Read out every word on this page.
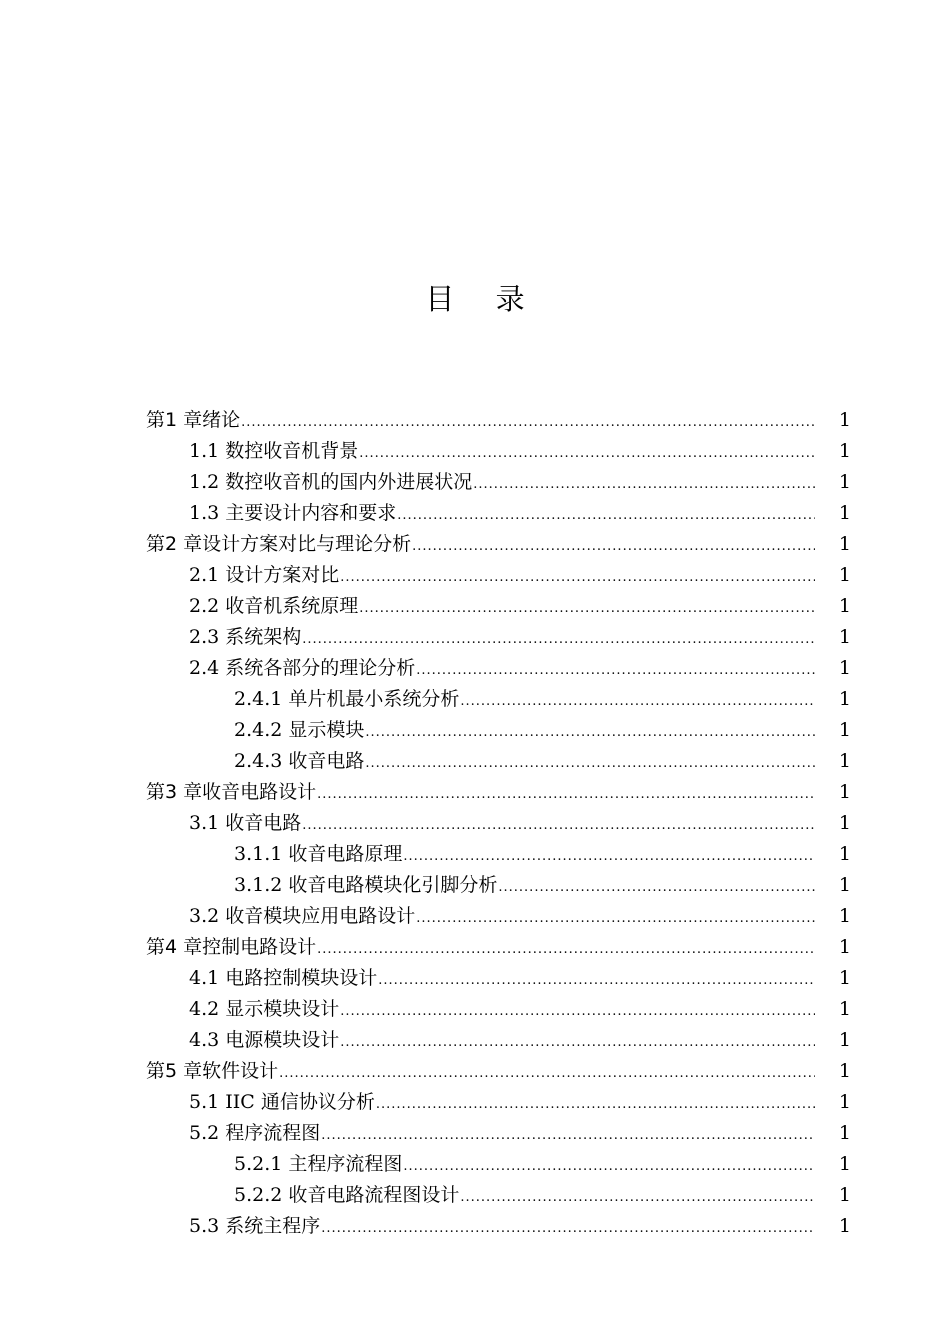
目 录
第1 章绪论 .....	1
1.1 数控收音机背景 .....	1
1.2 数控收音机的国内外进展状况 .....	1
1.3 主要设计内容和要求 .....	1
第2 章设计方案对比与理论分析 .....	1
2.1 设计方案对比 .....	1
2.2 收音机系统原理 .....	1
2.3 系统架构 .....	1
2.4 系统各部分的理论分析 .....	1
2.4.1 单片机最小系统分析 .....	1
2.4.2 显示模块 .....	1
2.4.3 收音电路 .....	1
第3 章收音电路设计 .....	1
3.1 收音电路 .....	1
3.1.1 收音电路原理 .....	1
3.1.2 收音电路模块化引脚分析 .....	1
3.2 收音模块应用电路设计 .....	1
第4 章控制电路设计 .....	1
4.1 电路控制模块设计 .....	1
4.2 显示模块设计 .....	1
4.3 电源模块设计 .....	1
第5 章软件设计 .....	1
5.1 IIC 通信协议分析 .....	1
5.2 程序流程图 .....	1
5.2.1 主程序流程图 .....	1
5.2.2 收音电路流程图设计 .....	1
5.3 系统主程序 .....	1
